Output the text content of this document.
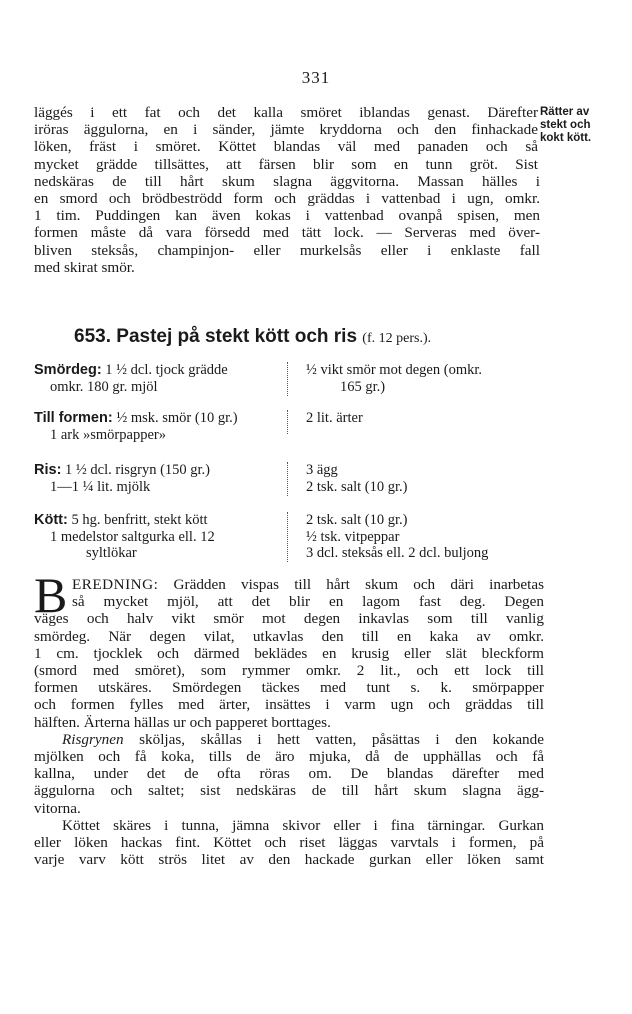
331
läggés i ett fat och det kalla smöret iblandas genast. Därefter
iröras äggulorna, en i sänder, jämte kryddorna och den finhackade
löken, fräst i smöret. Köttet blandas väl med panaden och så
mycket grädde tillsättes, att färsen blir som en tunn gröt. Sist
nedskäras de till hårt skum slagna äggvitorna. Massan hälles i
en smord och brödbeströdd form och gräddas i vattenbad i ugn, omkr.
1 tim. Puddingen kan även kokas i vattenbad ovanpå spisen, men
formen måste då vara försedd med tätt lock. — Serveras med över-
bliven steksås, champinjon- eller murkelsås eller i enklaste fall
med skirat smör.
Rätter av
stekt och
kokt kött.
653. Pastej på stekt kött och ris (f. 12 pers.).
Smördeg: 1 ½ dcl. tjock grädde
omkr. 180 gr. mjöl
Till formen: ½ msk. smör (10 gr.)
1 ark »smörpapper»
Ris: 1 ½ dcl. risgryn (150 gr.)
1—1 ¼ lit. mjölk
Kött: 5 hg. benfritt, stekt kött
1 medelstor saltgurka ell. 12
syltlökar
½ vikt smör mot degen (omkr.
165 gr.)
2 lit. ärter
3 ägg
2 tsk. salt (10 gr.)
2 tsk. salt (10 gr.)
½ tsk. vitpeppar
3 dcl. steksås ell. 2 dcl. buljong
B EREDNING: Grädden vispas till hårt skum och däri inarbetas
så mycket mjöl, att det blir en lagom fast deg. Degen
väges och halv vikt smör mot degen inkavlas som till vanlig
smördeg. När degen vilat, utkavlas den till en kaka av omkr.
1 cm. tjocklek och därmed beklädes en krusig eller slät bleckform
(smord med smöret), som rymmer omkr. 2 lit., och ett lock till
formen utskäres. Smördegen täckes med tunt s. k. smörpapper
och formen fylles med ärter, insättes i varm ugn och gräddas till
hälften. Ärterna hällas ur och papperet borttages.
Risgrynen sköljas, skållas i hett vatten, påsättas i den kokande
mjölken och få koka, tills de äro mjuka, då de upphällas och få
kallna, under det de ofta röras om. De blandas därefter med
äggulorna och saltet; sist nedskäras de till hårt skum slagna ägg-
vitorna.
Köttet skäres i tunna, jämna skivor eller i fina tärningar. Gurkan
eller löken hackas fint. Köttet och riset läggas varvtals i formen, på
varje varv kött strös litet av den hackade gurkan eller löken samt
